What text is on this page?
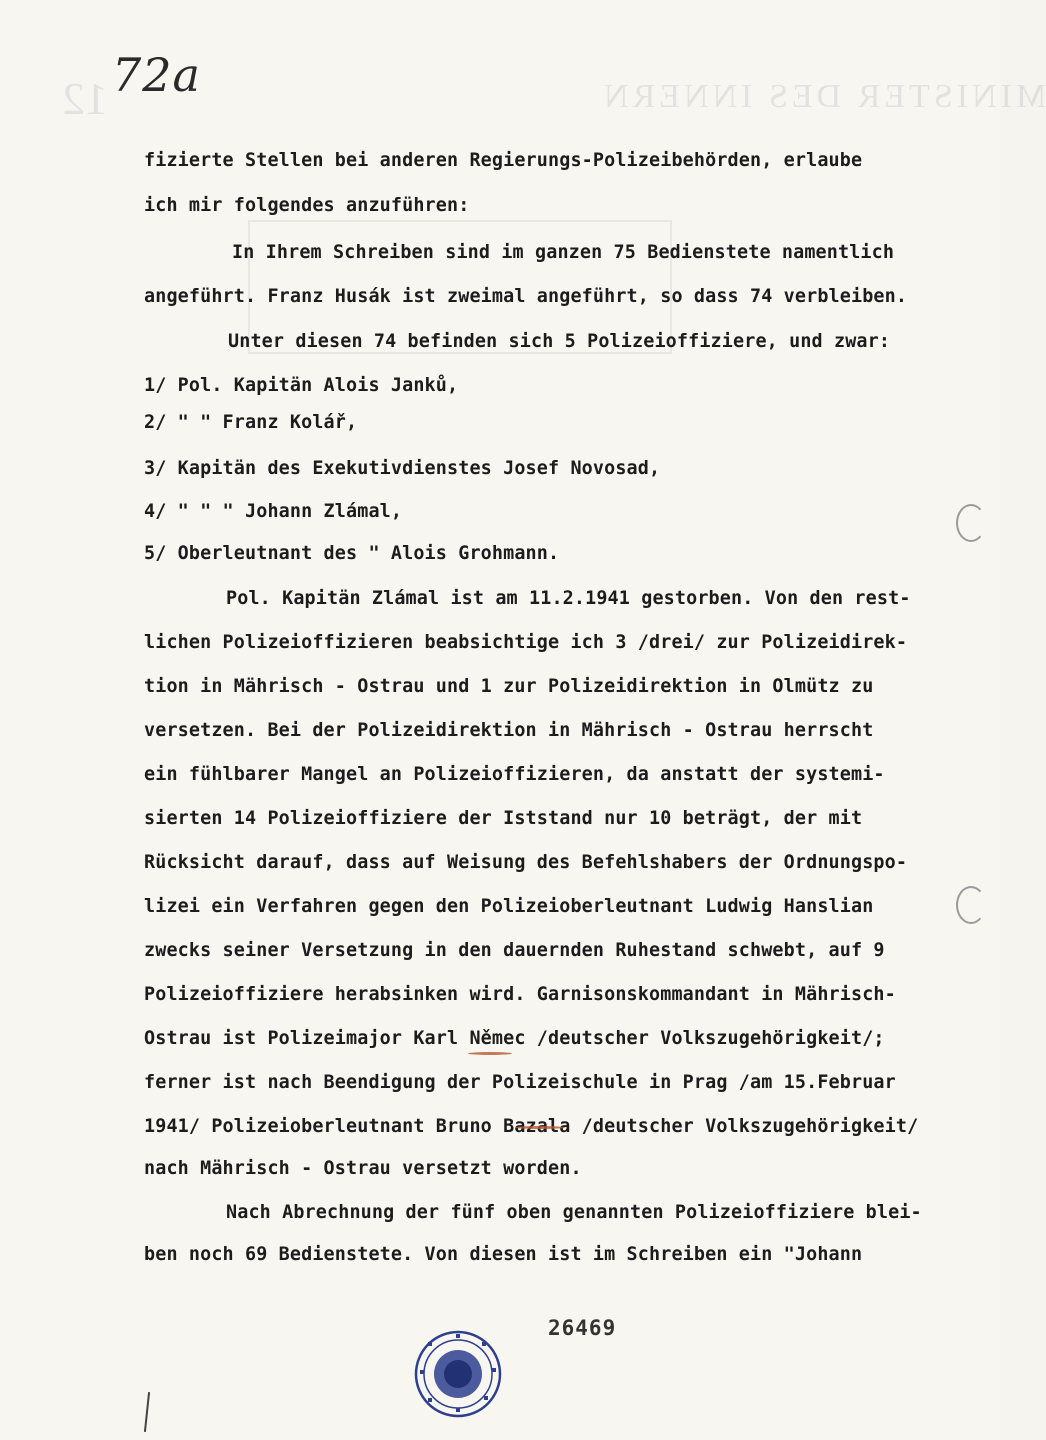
MINISTER DES INNERN
12 72a
fizierte Stellen bei anderen Regierungs-Polizeibehörden, erlaube
ich mir folgendes anzuführen:
In Ihrem Schreiben sind im ganzen 75 Bedienstete namentlich
angeführt. Franz Husák ist zweimal angeführt, so dass 74 verbleiben.
Unter diesen 74 befinden sich 5 Polizeioffiziere, und zwar:
1/ Pol. Kapitän Alois Janků,
2/ " " Franz Kolář,
3/ Kapitän des Exekutivdienstes Josef Novosad,
4/ " " " Johann Zlámal,
5/ Oberleutnant des " Alois Grohmann.
Pol. Kapitän Zlámal ist am 11.2.1941 gestorben. Von den rest-
lichen Polizeioffizieren beabsichtige ich 3 /drei/ zur Polizeidirek-
tion in Mährisch - Ostrau und 1 zur Polizeidirektion in Olmütz zu
versetzen. Bei der Polizeidirektion in Mährisch - Ostrau herrscht
ein fühlbarer Mangel an Polizeioffizieren, da anstatt der systemi-
sierten 14 Polizeioffiziere der Iststand nur 10 beträgt, der mit
Rücksicht darauf, dass auf Weisung des Befehlshabers der Ordnungspo-
lizei ein Verfahren gegen den Polizeioberleutnant Ludwig Hanslian
zwecks seiner Versetzung in den dauernden Ruhestand schwebt, auf 9
Polizeioffiziere herabsinken wird. Garnisonskommandant in Mährisch-
Ostrau ist Polizeimajor Karl Němec /deutscher Volkszugehörigkeit/;
ferner ist nach Beendigung der Polizeischule in Prag /am 15.Februar
1941/ Polizeioberleutnant Bruno Bazala /deutscher Volkszugehörigkeit/
nach Mährisch - Ostrau versetzt worden.
Nach Abrechnung der fünf oben genannten Polizeioffiziere blei-
ben noch 69 Bedienstete. Von diesen ist im Schreiben ein "Johann
26469
